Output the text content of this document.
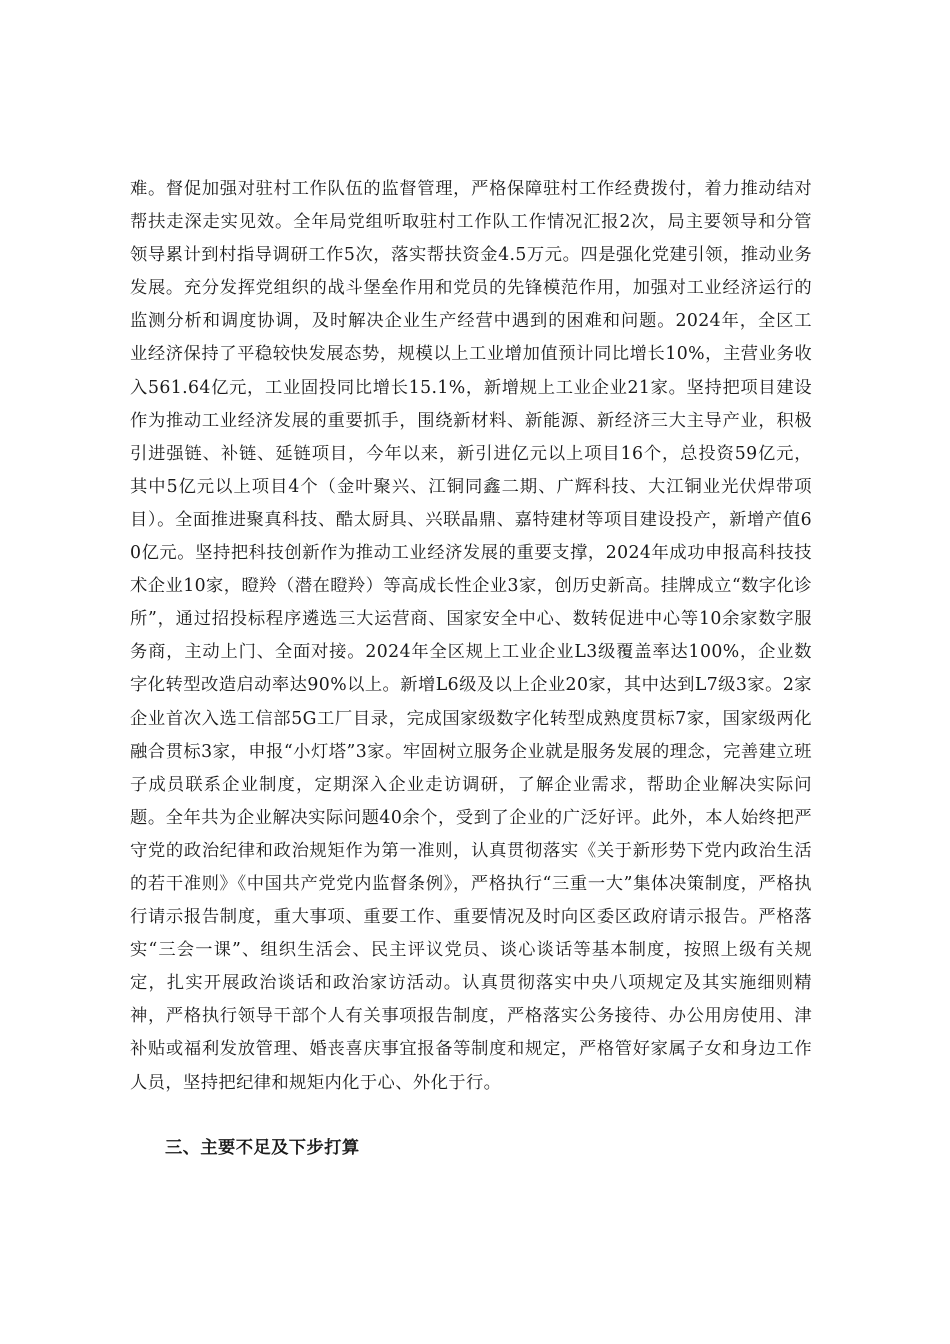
难。督促加强对驻村工作队伍的监督管理，严格保障驻村工作经费拨付，着力推动结对帮扶走深走实见效。全年局党组听取驻村工作队工作情况汇报2次，局主要领导和分管领导累计到村指导调研工作5次，落实帮扶资金4.5万元。四是强化党建引领，推动业务发展。充分发挥党组织的战斗堡垒作用和党员的先锋模范作用，加强对工业经济运行的监测分析和调度协调，及时解决企业生产经营中遇到的困难和问题。2024年，全区工业经济保持了平稳较快发展态势，规模以上工业增加值预计同比增长10%，主营业务收入561.64亿元，工业固投同比增长15.1%，新增规上工业企业21家。坚持把项目建设作为推动工业经济发展的重要抓手，围绕新材料、新能源、新经济三大主导产业，积极引进强链、补链、延链项目，今年以来，新引进亿元以上项目16个，总投资59亿元，其中5亿元以上项目4个（金叶聚兴、江铜同鑫二期、广辉科技、大江铜业光伏焊带项目）。全面推进聚真科技、酷太厨具、兴联晶鼎、嘉特建材等项目建设投产，新增产值60亿元。坚持把科技创新作为推动工业经济发展的重要支撑，2024年成功申报高科技技术企业10家，瞪羚（潜在瞪羚）等高成长性企业3家，创历史新高。挂牌成立“数字化诊所”，通过招投标程序遴选三大运营商、国家安全中心、数转促进中心等10余家数字服务商，主动上门、全面对接。2024年全区规上工业企业L3级覆盖率达100%，企业数字化转型改造启动率达90%以上。新增L6级及以上企业20家，其中达到L7级3家。2家企业首次入选工信部5G工厂目录，完成国家级数字化转型成熟度贯标7家，国家级两化融合贯标3家，申报“小灯塔”3家。牢固树立服务企业就是服务发展的理念，完善建立班子成员联系企业制度，定期深入企业走访调研，了解企业需求，帮助企业解决实际问题。全年共为企业解决实际问题40余个，受到了企业的广泛好评。此外，本人始终把严守党的政治纪律和政治规矩作为第一准则，认真贯彻落实《关于新形势下党内政治生活的若干准则》《中国共产党党内监督条例》，严格执行“三重一大”集体决策制度，严格执行请示报告制度，重大事项、重要工作、重要情况及时向区委区政府请示报告。严格落实“三会一课”、组织生活会、民主评议党员、谈心谈话等基本制度，按照上级有关规定，扎实开展政治谈话和政治家访活动。认真贯彻落实中央八项规定及其实施细则精神，严格执行领导干部个人有关事项报告制度，严格落实公务接待、办公用房使用、津补贴或福利发放管理、婚丧喜庆事宜报备等制度和规定，严格管好家属子女和身边工作人员，坚持把纪律和规矩内化于心、外化于行。
三、主要不足及下步打算
